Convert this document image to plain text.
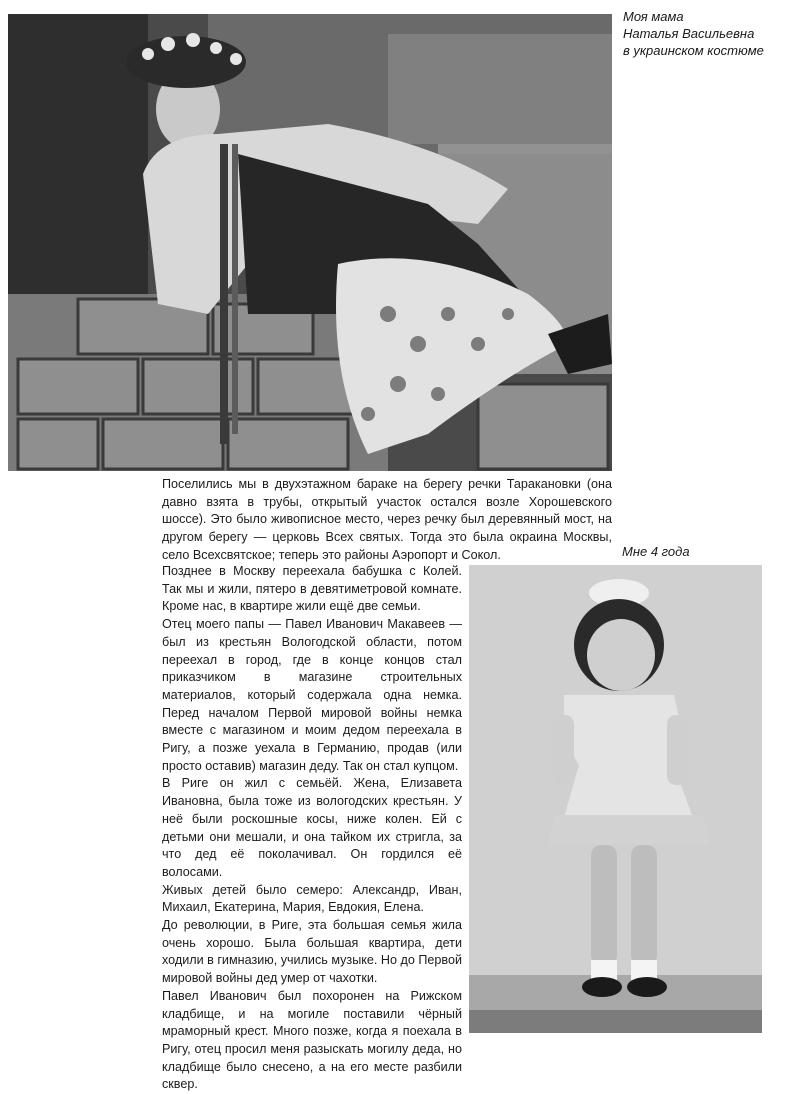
Моя мама
Наталья Васильевна
в украинском костюме

Поселились мы в двухэтажном бараке на берегу речки Таракановки (она давно взята в трубы, открытый участок остался возле Хорошевского шоссе). Это было живописное место, через речку был деревянный мост, на другом берегу — церковь Всех святых. Тогда это была окраина Москвы, село Всехсвятское; теперь это районы Аэропорт и Сокол.	Мне 4 года

Позднее в Москву переехала бабушка с Колей. Так мы и жили, пятеро в девятиметровой комнате. Кроме нас, в квартире жили ещё две семьи.

Отец моего папы — Павел Иванович Макавеев — был из крестьян Вологодской области, потом переехал в город, где в конце концов стал приказчиком в магазине строительных материалов, который содержала одна немка. Перед началом Первой мировой войны немка вместе с магазином и моим дедом переехала в Ригу, а позже уехала в Германию, продав (или просто оставив) магазин деду. Так он стал купцом.

В Риге он жил с семьёй. Жена, Елизавета Ивановна, была тоже из вологодских крестьян. У неё были роскошные косы, ниже колен. Ей с детьми они мешали, и она тайком их стригла, за что дед её поколачивал. Он гордился её волосами.

Живых детей было семеро: Александр, Иван, Михаил, Екатерина, Мария, Евдокия, Елена.

До революции, в Риге, эта большая семья жила очень хорошо. Была большая квартира, дети ходили в гимназию, учились музыке. Но до Первой мировой войны дед умер от чахотки.

Павел Иванович был похоронен на Рижском кладбище, и на могиле поставили чёрный мраморный крест. Много позже, когда я поехала в Ригу, отец просил меня разыскать могилу деда, но кладбище было снесено, а на его месте разбили сквер.
